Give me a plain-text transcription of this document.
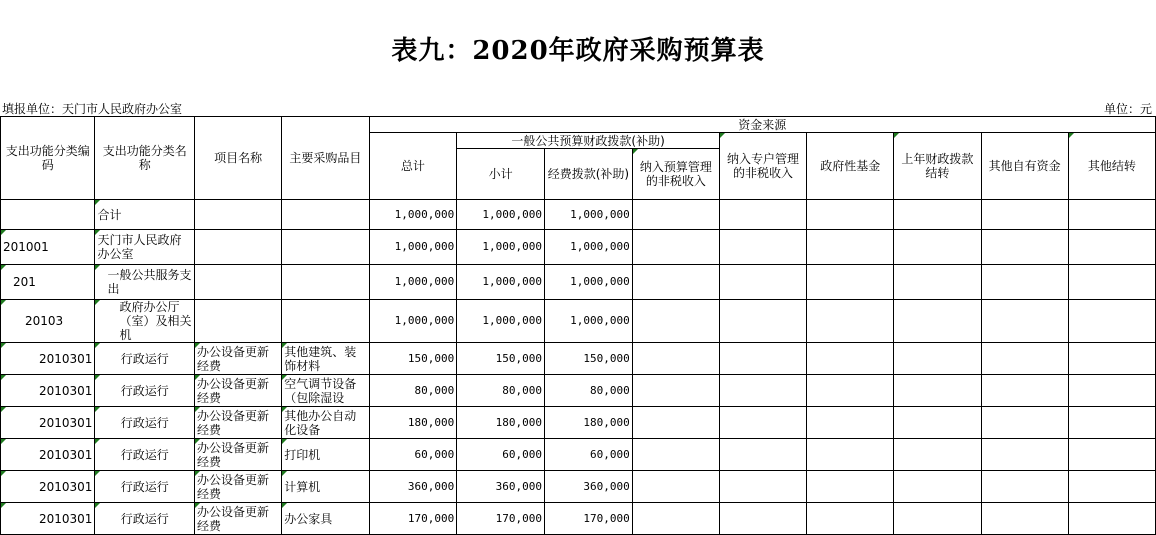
表九：2020年政府采购预算表
填报单位：天门市人民政府办公室	单位：元
支出功能分类编码	支出功能分类名称	项目名称	主要采购品目	资金来源								
				总计	一般公共预算财政拨款(补助)			纳入专户管理的非税收入	政府性基金	上年财政拨款结转	其他自有资金	其他结转
					小计	经费拨款(补助)	纳入预算管理的非税收入					
	合计			1,000,000	1,000,000	1,000,000						
201001	天门市人民政府办公室			1,000,000	1,000,000	1,000,000						
201	一般公共服务支出			1,000,000	1,000,000	1,000,000						
20103	政府办公厅（室）及相关机			1,000,000	1,000,000	1,000,000						
2010301	行政运行	办公设备更新经费	其他建筑、装饰材料	150,000	150,000	150,000						
2010301	行政运行	办公设备更新经费	空气调节设备（包除湿设	80,000	80,000	80,000						
2010301	行政运行	办公设备更新经费	其他办公自动化设备	180,000	180,000	180,000						
2010301	行政运行	办公设备更新经费	打印机	60,000	60,000	60,000						
2010301	行政运行	办公设备更新经费	计算机	360,000	360,000	360,000						
2010301	行政运行	办公设备更新经费	办公家具	170,000	170,000	170,000						
